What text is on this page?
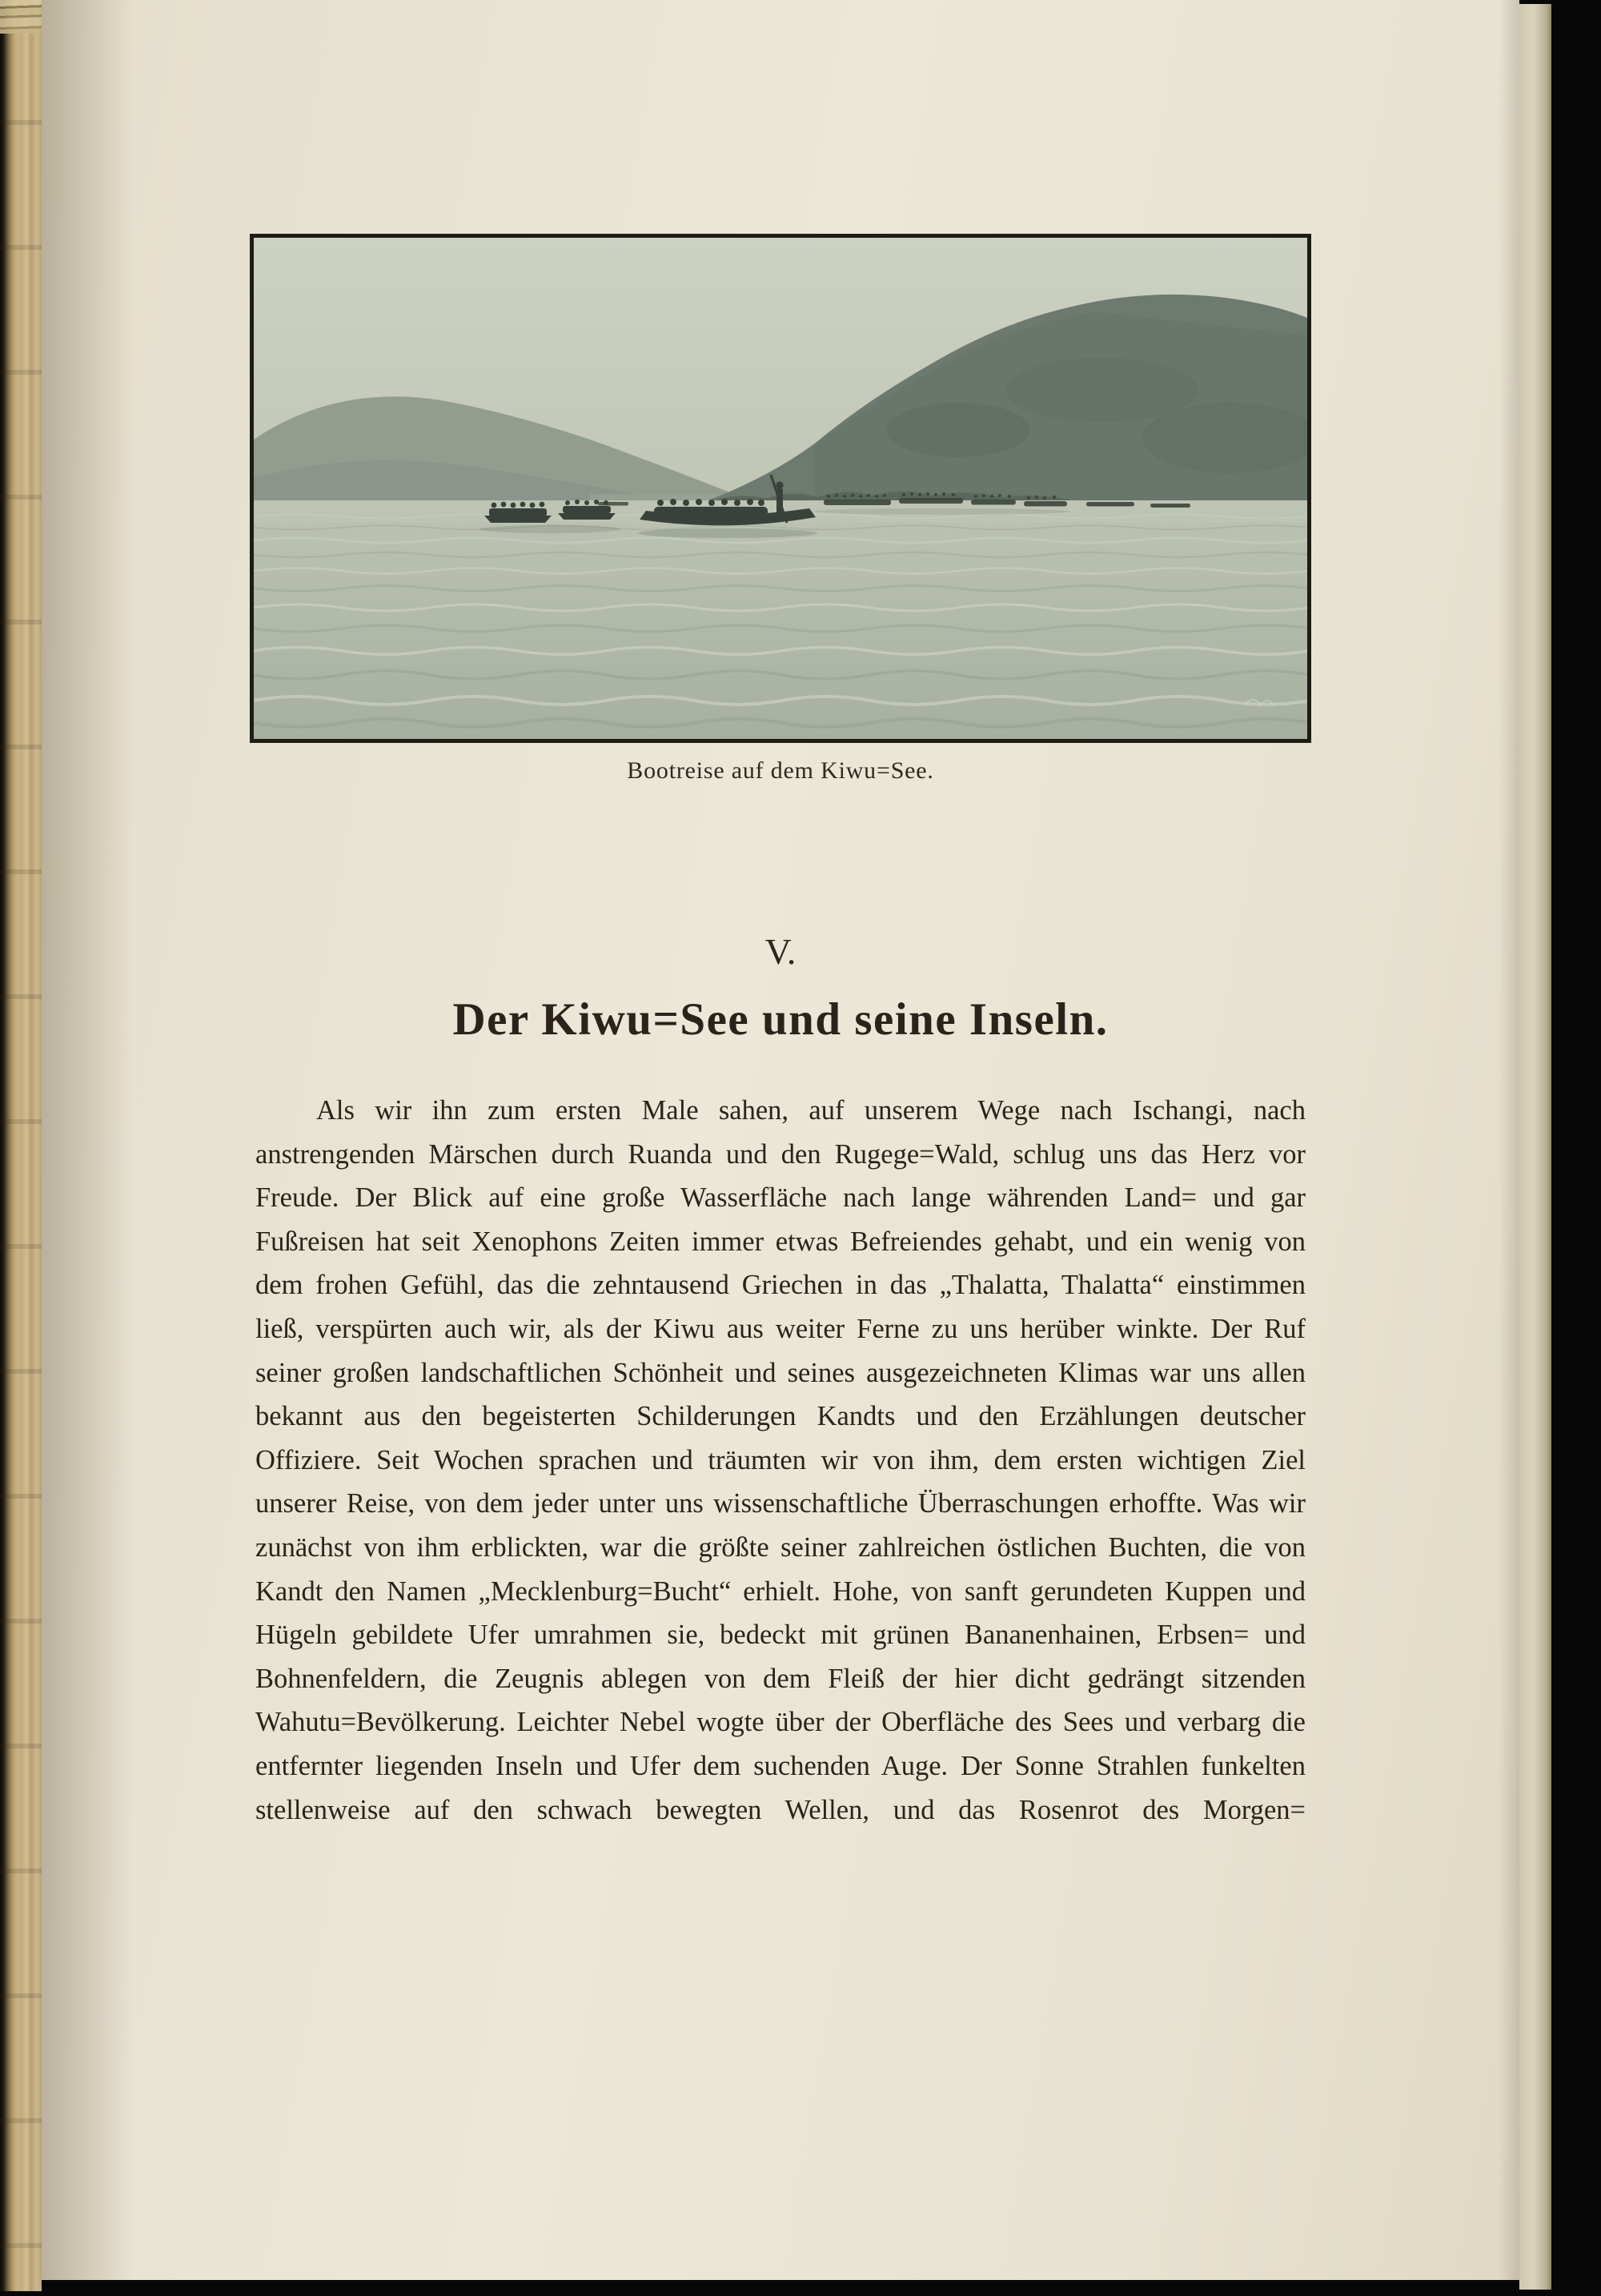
Bootreise auf dem Kiwu=See.
V.
Der Kiwu=See und seine Inseln.

Als wir ihn zum ersten Male sahen, auf unserem Wege nach Ischangi, nach anstrengenden Märschen durch Ruanda und den Rugege=Wald, schlug uns das Herz vor Freude. Der Blick auf eine große Wasserfläche nach lange währenden Land= und gar Fußreisen hat seit Xenophons Zeiten immer etwas Befreiendes gehabt, und ein wenig von dem frohen Gefühl, das die zehntausend Griechen in das „Thalatta, Thalatta“ einstimmen ließ, verspürten auch wir, als der Kiwu aus weiter Ferne zu uns herüber winkte. Der Ruf seiner großen landschaftlichen Schönheit und seines ausgezeichneten Klimas war uns allen bekannt aus den begeisterten Schilderungen Kandts und den Erzählungen deutscher Offiziere. Seit Wochen sprachen und träumten wir von ihm, dem ersten wichtigen Ziel unserer Reise, von dem jeder unter uns wissenschaftliche Überraschungen erhoffte. Was wir zunächst von ihm erblickten, war die größte seiner zahlreichen östlichen Buchten, die von Kandt den Namen „Mecklenburg=Bucht“ erhielt. Hohe, von sanft gerundeten Kuppen und Hügeln gebildete Ufer umrahmen sie, bedeckt mit grünen Bananenhainen, Erbsen= und Bohnenfeldern, die Zeugnis ablegen von dem Fleiß der hier dicht gedrängt sitzenden Wahutu=Bevölkerung. Leichter Nebel wogte über der Oberfläche des Sees und verbarg die entfernter liegenden Inseln und Ufer dem suchenden Auge. Der Sonne Strahlen funkelten stellenweise auf den schwach bewegten Wellen, und das Rosenrot des Morgen=
